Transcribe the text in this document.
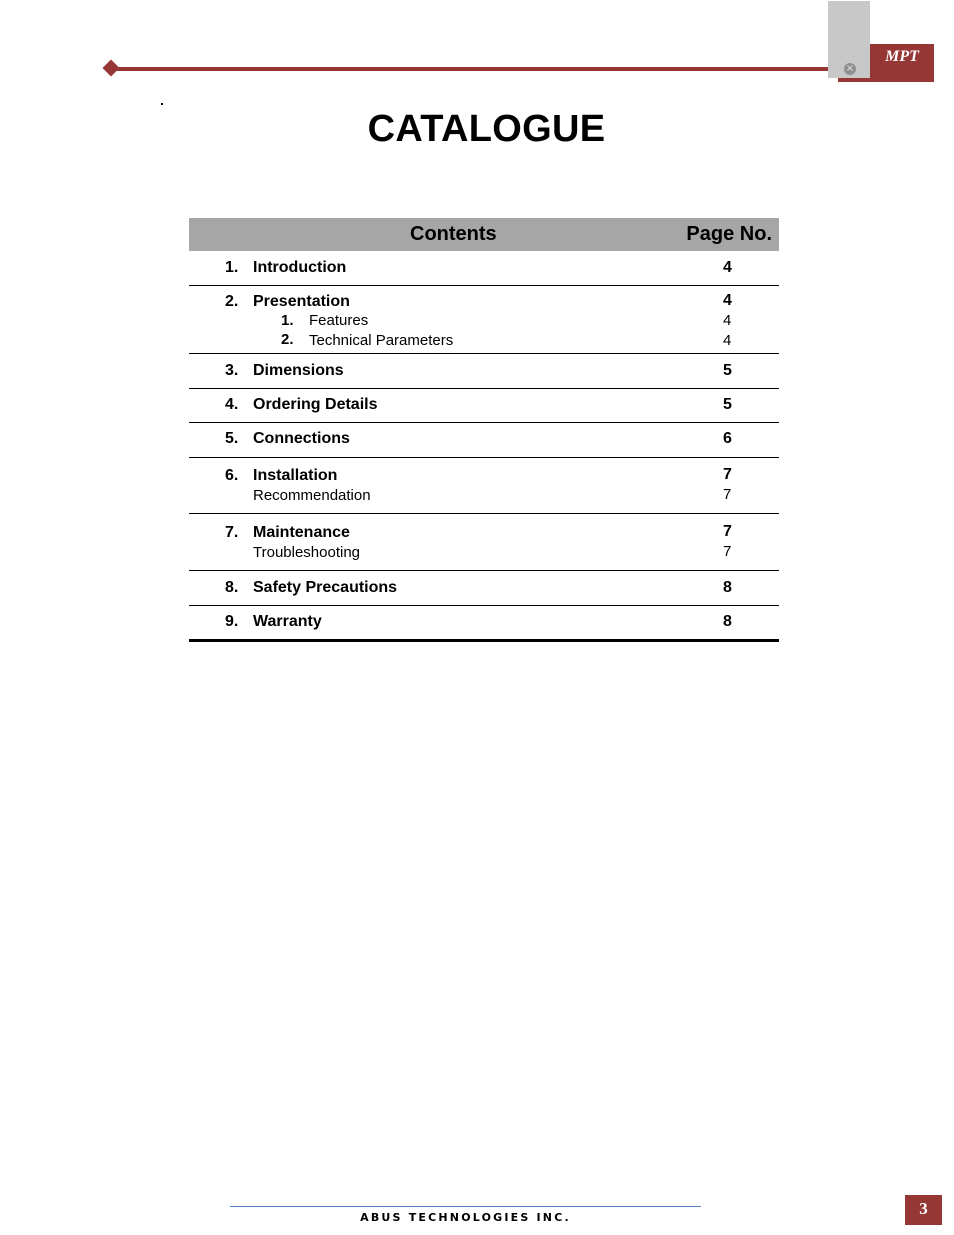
×
MPT
CATALOGUE
Contents	Page No.
1. Introduction	4
2. Presentation	4
1. Features	4
2. Technical Parameters	4
3. Dimensions	5
4. Ordering Details	5
5. Connections	6
6. Installation	7
Recommendation	7
7. Maintenance	7
Troubleshooting	7
8. Safety Precautions	8
9. Warranty	8
ABUS TECHNOLOGIES INC.	3
